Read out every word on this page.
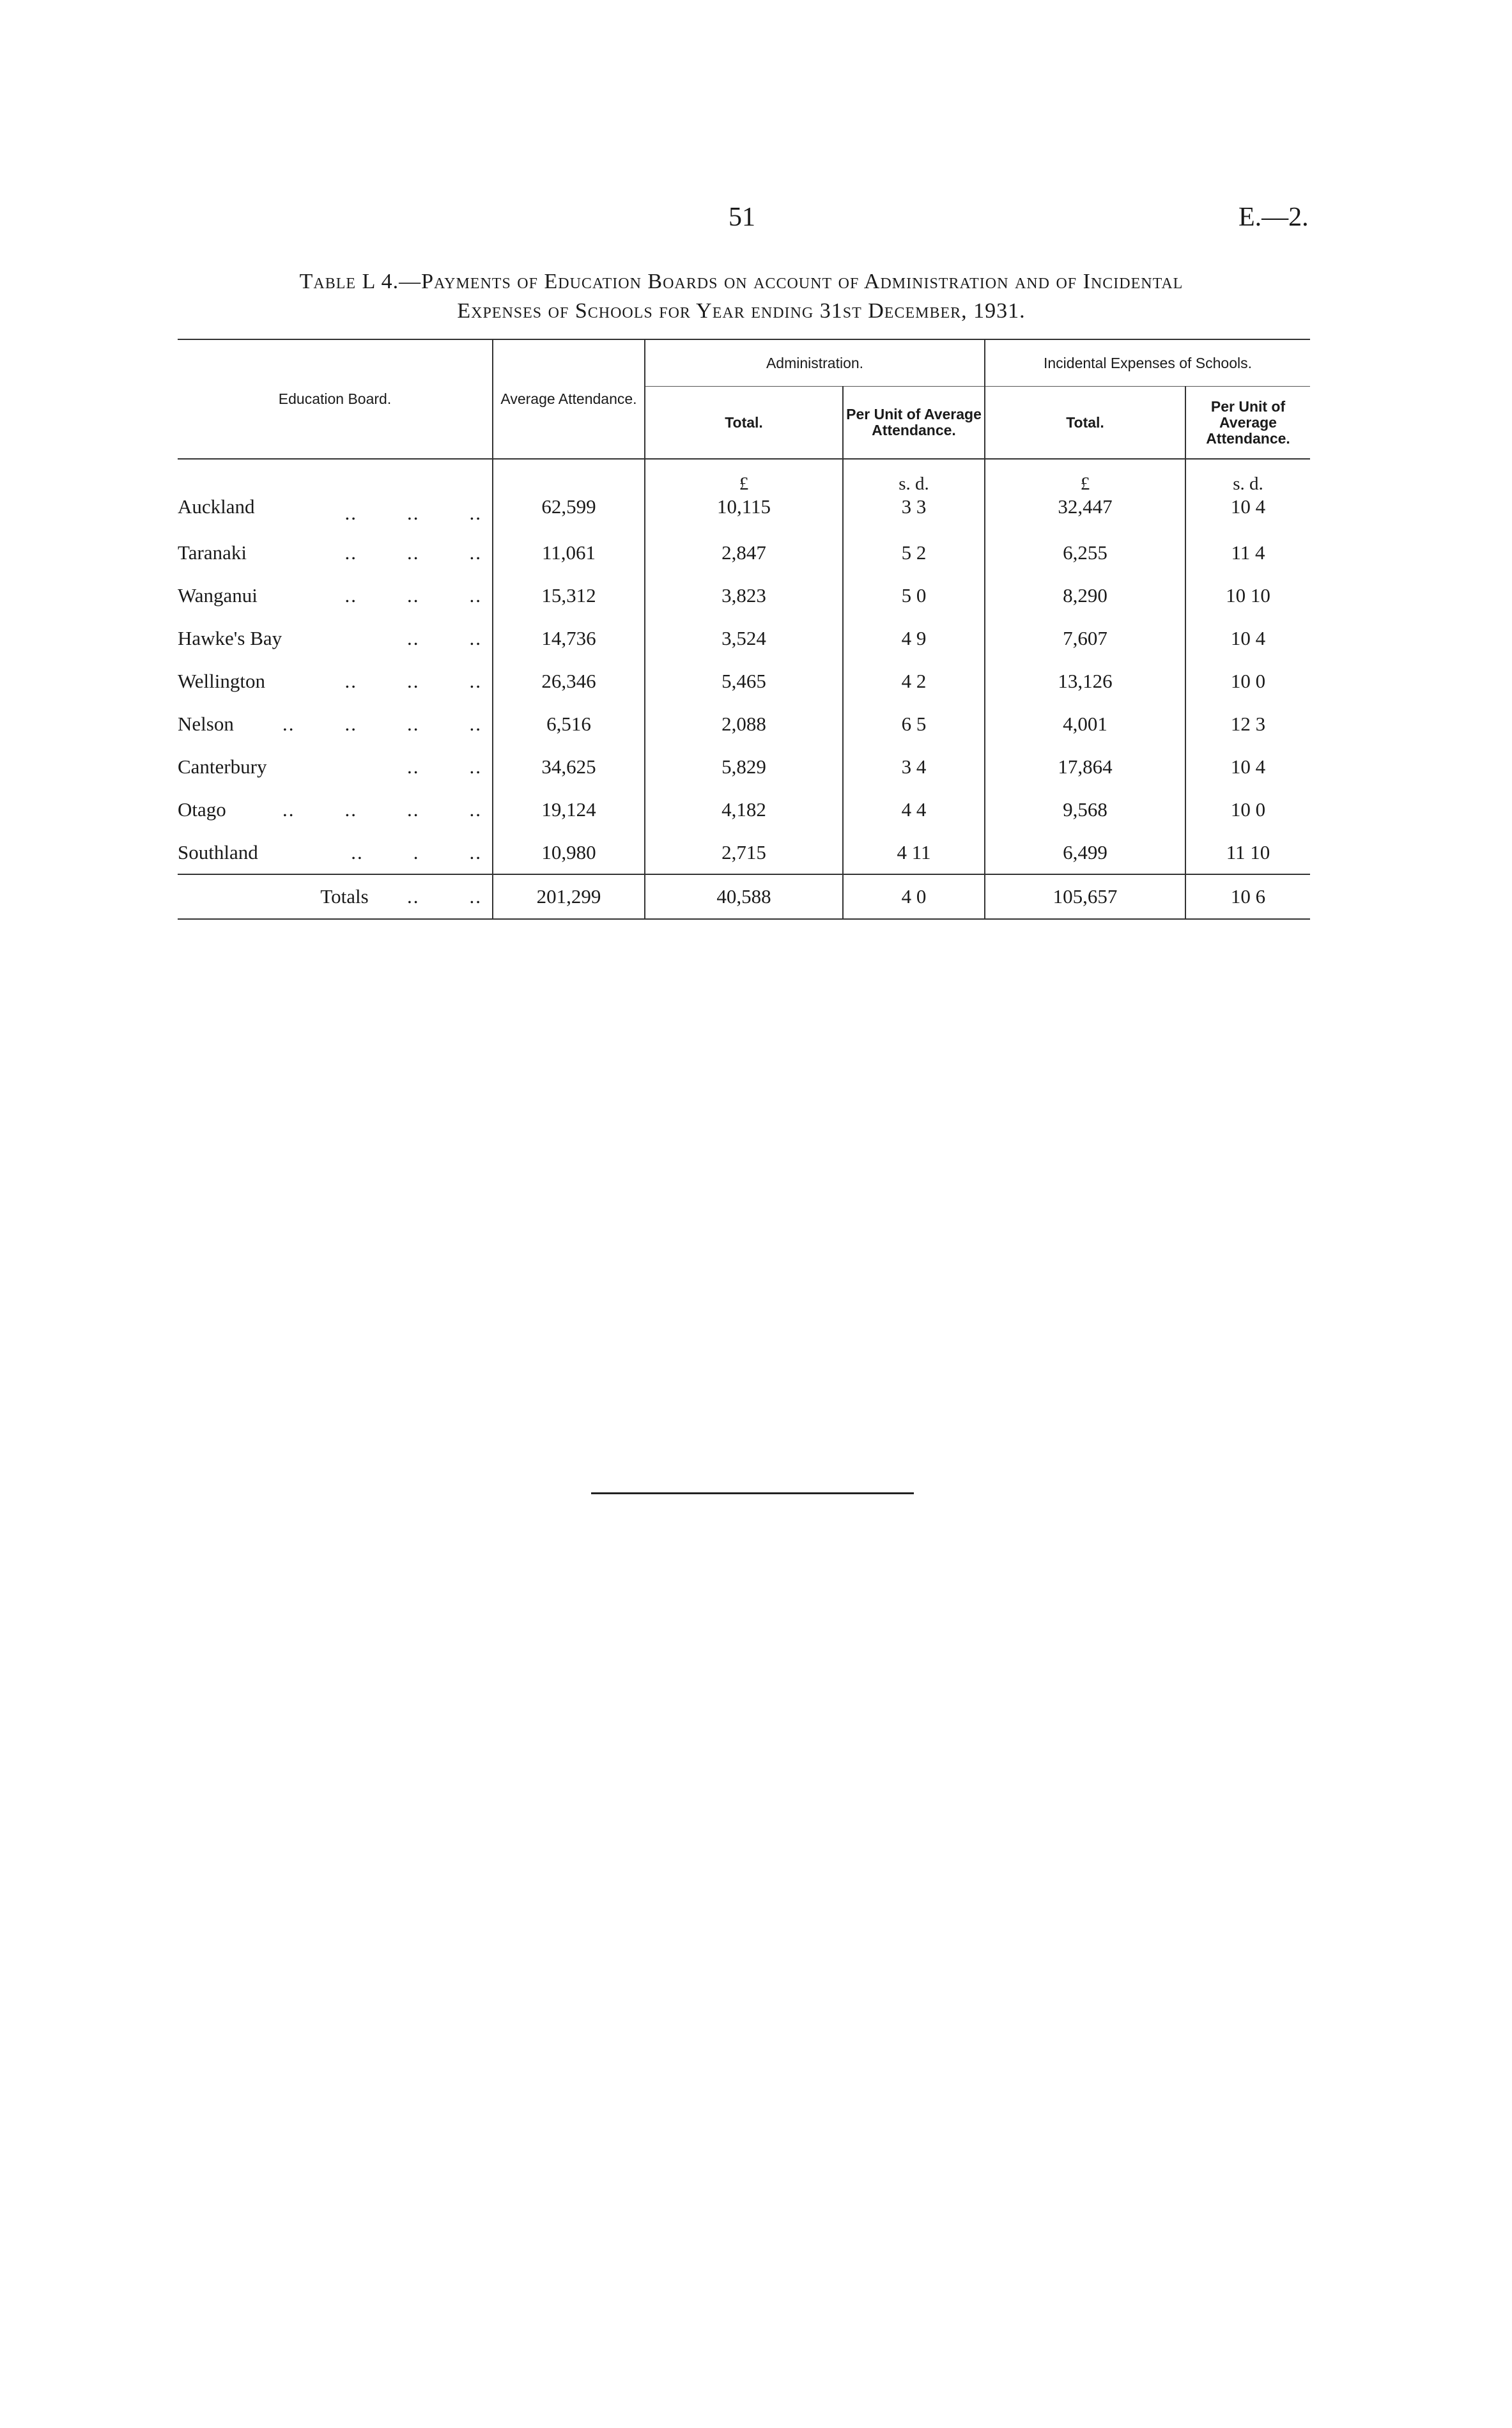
51	E.—2.
Table L 4.—Payments of Education Boards on account of Administration and of Incidental
Expenses of Schools for Year ending 31st December, 1931.
Education Board.	Average Attendance.	Administration.		Incidental Expenses of Schools.	
		Total.	Per Unit of Average Attendance.	Total.	Per Unit of Average Attendance.
		£	s. d.	£	s. d.
Auckland ..        ..        ..	62,599	10,115	3 3	32,447	10 4
Taranaki ..        ..        ..	11,061	2,847	5 2	6,255	11 4
Wanganui ..        ..        ..	15,312	3,823	5 0	8,290	10 10
Hawke's Bay ..        ..	14,736	3,524	4 9	7,607	10 4
Wellington ..        ..        ..	26,346	5,465	4 2	13,126	10 0
Nelson ..        ..        ..        ..	6,516	2,088	6 5	4,001	12 3
Canterbury ..        ..	34,625	5,829	3 4	17,864	10 4
Otago ..        ..        ..        ..	19,124	4,182	4 4	9,568	10 0
Southland ..        .        ..	10,980	2,715	4 11	6,499	11 10
Totals ..        ..	201,299	40,588	4 0	105,657	10 6
